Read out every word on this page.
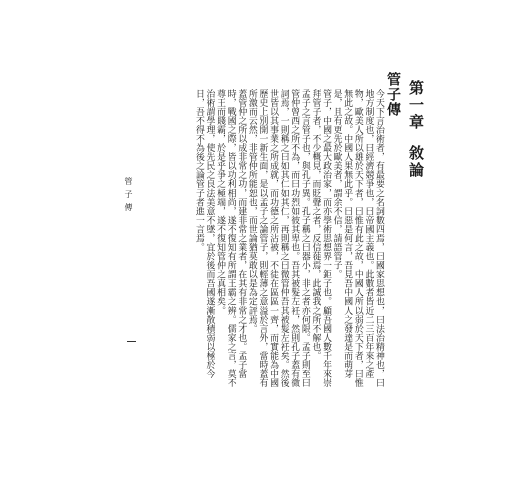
管子傳 第一章敘論
今天下言治術者，有最要之名詞數四焉，曰國家思想也，曰法治精神也，曰地方制度也，曰經濟競爭也，曰帝國主義也。此數者皆近二三百年來之產物，歐美人所以雄於天下者，曰惟有此之故，中國人所以弱於天下者，曰惟無此之故。中國人果無此乎。曰惡是何言，吾見吾中國人之發達是而萌芽是，且有更先於歐美者，謂余不信，請語管子。
管子，中國之最大政治家，而亦學術思想界一鉅子也。顧吾國人數千年來崇拜管子者，不少概見，而貶聲之者，反信蓰焉，此誠我之所不解也。
孟子之言管子也，與孔子異。孔子稱之曰器小，非之者亦何限。孟子則至曰管仲曾西之所不為，而曰功烈如彼其卑也。吾其被髮左衽，然則孔子蓋有微詞焉，一則稱之曰如其仁如其仁，再則稱之曰微管仲吾其被髮左衽矣。然後世皆以其事業之所成就，而功德之所沾被，不徒在區區一齊，而實能為中國歷史上別開一新生面，是以孟子之論管子，則輕薄之意溢於言外，當時蓋有所激而云然，非管仲所能恕也，而世論猶莫敢以是為定評焉。
蓋管仲之所以成非常之功，而建非常之業者，在其有非常之才也。孟子當時，戰國之際，皆以功利相尚，遂不復知有所謂王霸之辨。儒家之言，莫不尊王而賤霸，於是乎爭之極端，遂不復知管仲之真相矣。
治術謂學理，使先民之良法美意不墜，宜於後而吾國遂漸散積弱以極於今日，吾不得不為後之論管子者進一言焉。
管子傳
